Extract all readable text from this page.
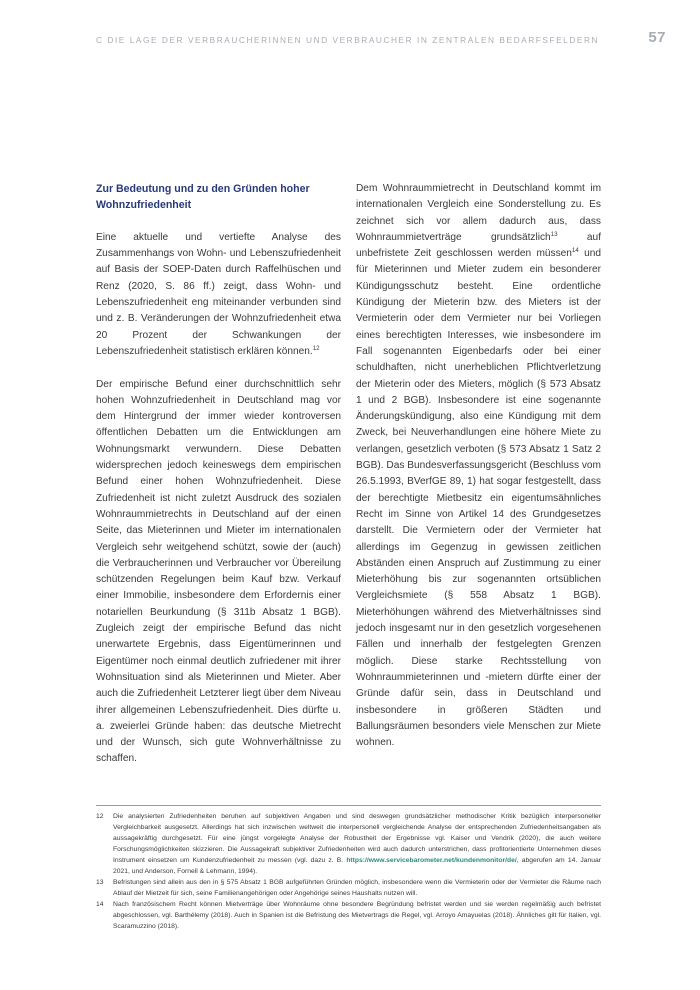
C DIE LAGE DER VERBRAUCHERINNEN UND VERBRAUCHER IN ZENTRALEN BEDARFSFELDERN	57
Zur Bedeutung und zu den Gründen hoher Wohnzufriedenheit

Eine aktuelle und vertiefte Analyse des Zusammenhangs von Wohn- und Lebenszufriedenheit auf Basis der SOEP-Daten durch Raffelhüschen und Renz (2020, S. 86 ff.) zeigt, dass Wohn- und Lebenszufriedenheit eng miteinander verbunden sind und z. B. Veränderungen der Wohnzufriedenheit etwa 20 Prozent der Schwankungen der Lebenszufriedenheit statistisch erklären können.$^{12}$

Der empirische Befund einer durchschnittlich sehr hohen Wohnzufriedenheit in Deutschland mag vor dem Hintergrund der immer wieder kontroversen öffentlichen Debatten um die Entwicklungen am Wohnungsmarkt verwundern. Diese Debatten widersprechen jedoch keineswegs dem empirischen Befund einer hohen Wohnzufriedenheit. Diese Zufriedenheit ist nicht zuletzt Ausdruck des sozialen Wohnraummietrechts in Deutschland auf der einen Seite, das Mieterinnen und Mieter im internationalen Vergleich sehr weitgehend schützt, sowie der (auch) die Verbraucherinnen und Verbraucher vor Übereilung schützenden Regelungen beim Kauf bzw. Verkauf einer Immobilie, insbesondere dem Erfordernis einer notariellen Beurkundung (§ 311b Absatz 1 BGB). Zugleich zeigt der empirische Befund das nicht unerwartete Ergebnis, dass Eigentümerinnen und Eigentümer noch einmal deutlich zufriedener mit ihrer Wohnsituation sind als Mieterinnen und Mieter. Aber auch die Zufriedenheit Letzterer liegt über dem Niveau ihrer allgemeinen Lebenszufriedenheit. Dies dürfte u. a. zweierlei Gründe haben: das deutsche Mietrecht und der Wunsch, sich gute Wohnverhältnisse zu schaffen.

Dem Wohnraummietrecht in Deutschland kommt im internationalen Vergleich eine Sonderstellung zu. Es zeichnet sich vor allem dadurch aus, dass Wohnraummietverträge grundsätzlich$^{13}$ auf unbefristete Zeit geschlossen werden müssen$^{14}$ und für Mieterinnen und Mieter zudem ein besonderer Kündigungsschutz besteht. Eine ordentliche Kündigung der Mieterin bzw. des Mieters ist der Vermieterin oder dem Vermieter nur bei Vorliegen eines berechtigten Interesses, wie insbesondere im Fall sogenannten Eigenbedarfs oder bei einer schuldhaften, nicht unerheblichen Pflichtverletzung der Mieterin oder des Mieters, möglich (§ 573 Absatz 1 und 2 BGB). Insbesondere ist eine sogenannte Änderungskündigung, also eine Kündigung mit dem Zweck, bei Neuverhandlungen eine höhere Miete zu verlangen, gesetzlich verboten (§ 573 Absatz 1 Satz 2 BGB). Das Bundesverfassungsgericht (Beschluss vom 26.5.1993, BVerfGE 89, 1) hat sogar festgestellt, dass der berechtigte Mietbesitz ein eigentumsähnliches Recht im Sinne von Artikel 14 des Grundgesetzes darstellt. Die Vermietern oder der Vermieter hat allerdings im Gegenzug in gewissen zeitlichen Abständen einen Anspruch auf Zustimmung zu einer Mieterhöhung bis zur sogenannten ortsüblichen Vergleichsmiete (§ 558 Absatz 1 BGB). Mieterhöhungen während des Mietverhältnisses sind jedoch insgesamt nur in den gesetzlich vorgesehenen Fällen und innerhalb der festgelegten Grenzen möglich. Diese starke Rechtsstellung von Wohnraummieterinnen und -mietern dürfte einer der Gründe dafür sein, dass in Deutschland und insbesondere in größeren Städten und Ballungsräumen besonders viele Menschen zur Miete wohnen.

12	Die analysierten Zufriedenheiten beruhen auf subjektiven Angaben und sind deswegen grundsätzlicher methodischer Kritik bezüglich interpersoneller Vergleichbarkeit ausgesetzt. Allerdings hat sich inzwischen weltweit die interpersonell vergleichende Analyse der entsprechenden Zufriedenheitsangaben als aussagekräftig durchgesetzt. Für eine jüngst vorgelegte Analyse der Robustheit der Ergebnisse vgl. Kaiser und Vendrik (2020), die auch weitere Forschungsmöglichkeiten skizzieren. Die Aussagekraft subjektiver Zufriedenheiten wird auch dadurch unterstrichen, dass profitorientierte Unternehmen dieses Instrument einsetzen um Kundenzufriedenheit zu messen (vgl. dazu z. B. https://www.servicebarometer.net/kundenmonitor/de/, abgerufen am 14. Januar 2021, und Anderson, Fornell & Lehmann, 1994).
13	Befristungen sind allein aus den in § 575 Absatz 1 BGB aufgeführten Gründen möglich, insbesondere wenn die Vermieterin oder der Vermieter die Räume nach Ablauf der Mietzeit für sich, seine Familienangehörigen oder Angehörige seines Haushalts nutzen will.
14	Nach französischem Recht können Mietverträge über Wohnräume ohne besondere Begründung befristet werden und sie werden regelmäßig auch befristet abgeschlossen, vgl. Barthélemy (2018). Auch in Spanien ist die Befristung des Mietvertrags die Regel, vgl. Arroyo Amayuelas (2018). Ähnliches gilt für Italien, vgl. Scaramuzzino (2018).
